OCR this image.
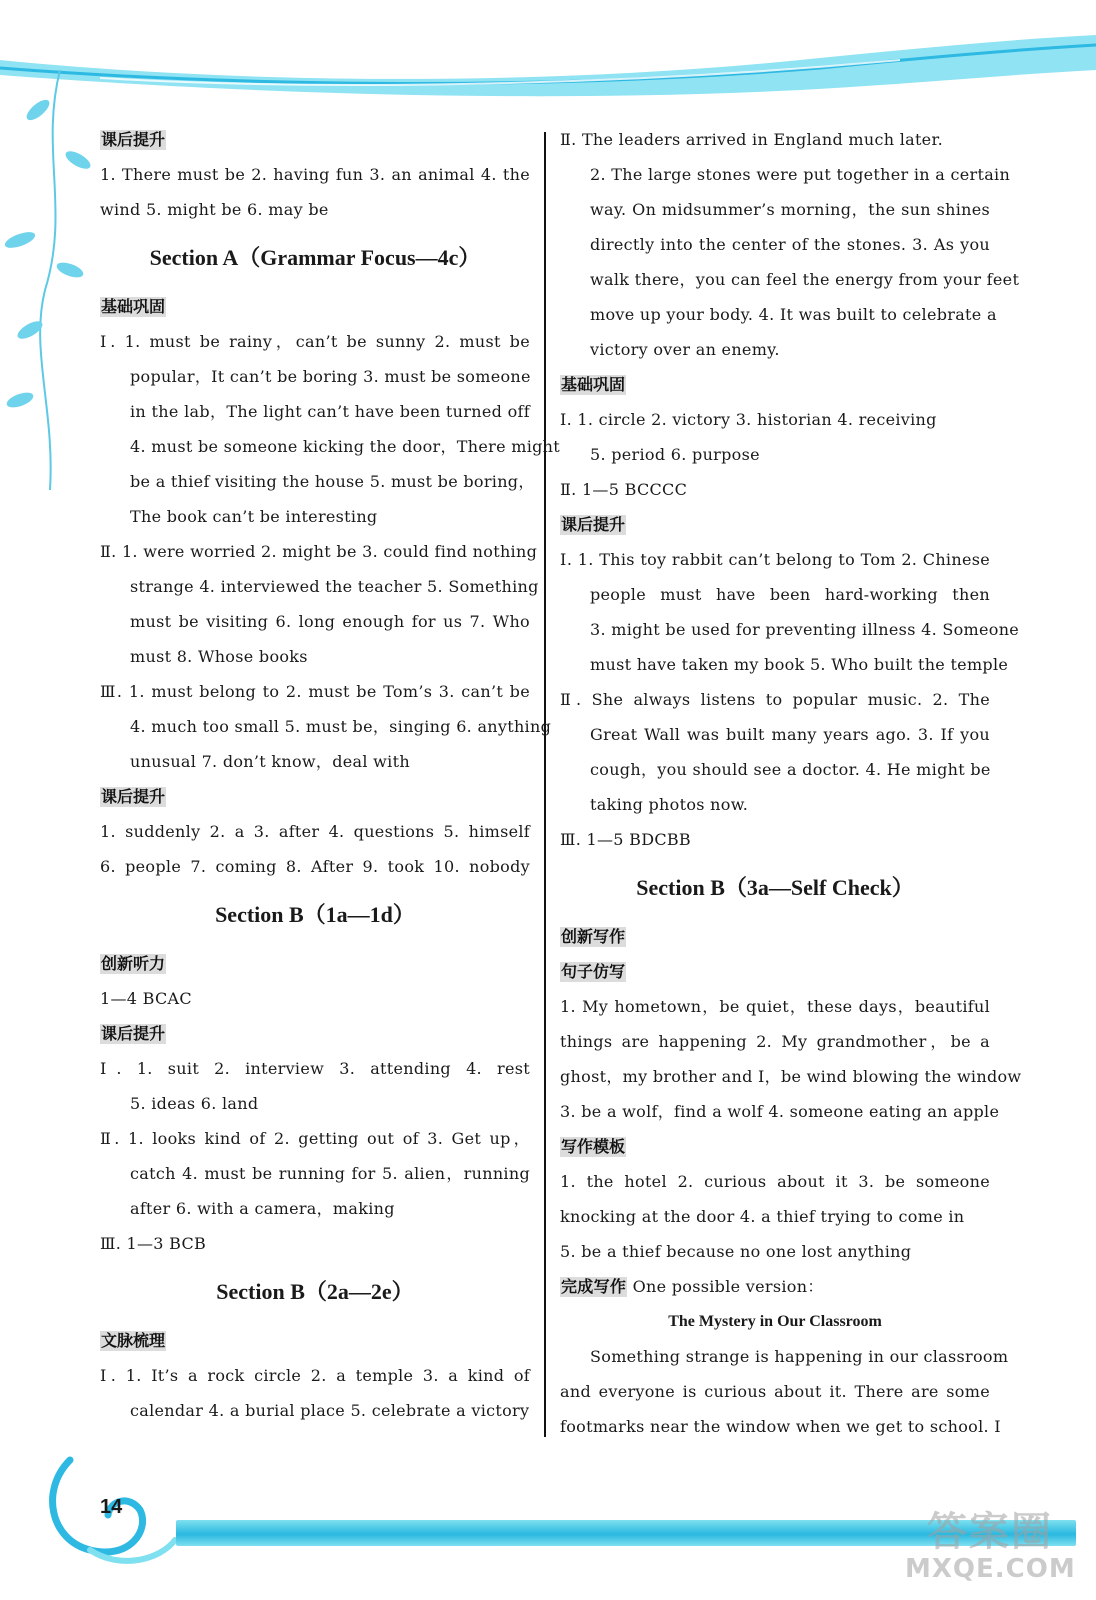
14
答案圈
MXQE.COM
课后提升
1. There must be 2. having fun 3. an animal 4. the
wind 5. might be 6. may be
Section A（Grammar Focus—4c）
基础巩固
Ⅰ. 1. must be rainy，can’t be sunny 2. must be
popular，It can’t be boring 3. must be someone
in the lab，The light can’t have been turned off
4. must be someone kicking the door，There might
be a thief visiting the house 5. must be boring，
The book can’t be interesting
Ⅱ. 1. were worried 2. might be 3. could find nothing
strange 4. interviewed the teacher 5. Something
must be visiting 6. long enough for us 7. Who
must 8. Whose books
Ⅲ. 1. must belong to 2. must be Tom’s 3. can’t be
4. much too small 5. must be，singing 6. anything
unusual 7. don’t know，deal with
课后提升
1. suddenly 2. a 3. after 4. questions 5. himself
6. people 7. coming 8. After 9. took 10. nobody
Section B（1a—1d）
创新听力
1—4 BCAC
课后提升
Ⅰ. 1. suit 2. interview 3. attending 4. rest
5. ideas 6. land
Ⅱ. 1. looks kind of 2. getting out of 3. Get up，
catch 4. must be running for 5. alien，running
after 6. with a camera，making
Ⅲ. 1—3 BCB
Section B（2a—2e）
文脉梳理
Ⅰ. 1. It’s a rock circle 2. a temple 3. a kind of
calendar 4. a burial place 5. celebrate a victory
Ⅱ. The leaders arrived in England much later.
2. The large stones were put together in a certain
way. On midsummer’s morning，the sun shines
directly into the center of the stones. 3. As you
walk there，you can feel the energy from your feet
move up your body. 4. It was built to celebrate a
victory over an enemy.
基础巩固
Ⅰ. 1. circle 2. victory 3. historian 4. receiving
5. period 6. purpose
Ⅱ. 1—5 BCCCC
课后提升
Ⅰ. 1. This toy rabbit can’t belong to Tom 2. Chinese
people must have been hard-working then
3. might be used for preventing illness 4. Someone
must have taken my book 5. Who built the temple
Ⅱ. She always listens to popular music. 2. The
Great Wall was built many years ago. 3. If you
cough，you should see a doctor. 4. He might be
taking photos now.
Ⅲ. 1—5 BDCBB
Section B（3a—Self Check）
创新写作
句子仿写
1. My hometown，be quiet，these days，beautiful
things are happening 2. My grandmother，be a
ghost，my brother and I，be wind blowing the window
3. be a wolf，find a wolf 4. someone eating an apple
写作模板
1. the hotel 2. curious about it 3. be someone
knocking at the door 4. a thief trying to come in
5. be a thief because no one lost anything
完成写作 One possible version：
The Mystery in Our Classroom
Something strange is happening in our classroom
and everyone is curious about it. There are some
footmarks near the window when we get to school. I
